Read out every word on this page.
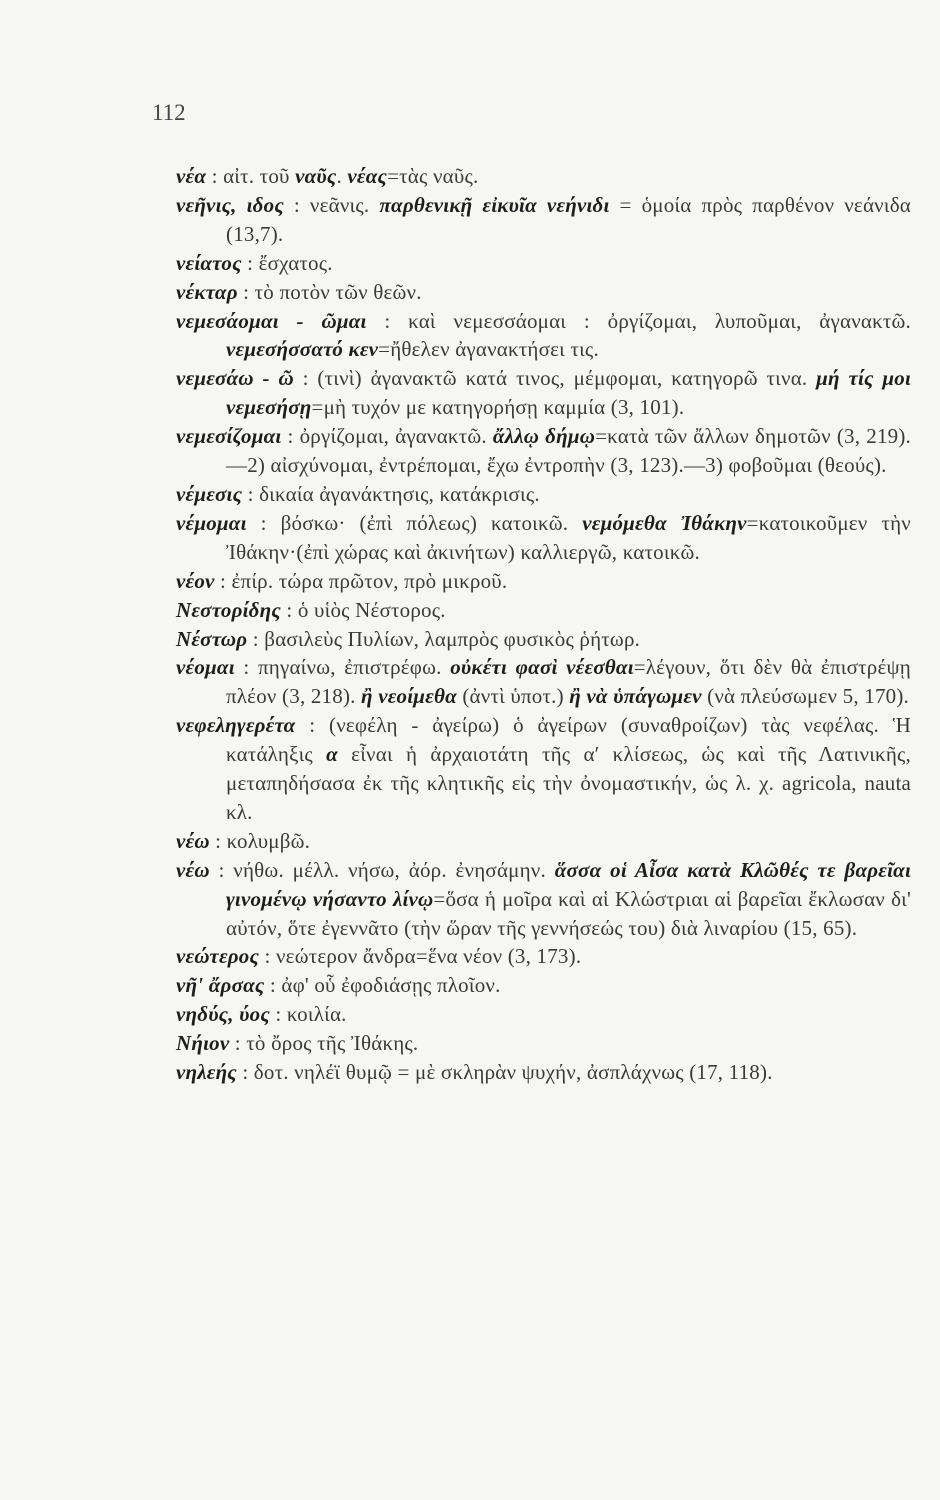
112

νέα : αἰτ. τοῦ ναῦς. νέας=τὰς ναῦς.

νεῆνις, ιδος : νεᾶνις. παρθενικῇ εἰκυῖα νεήνιδι = ὁμοία πρὸς παρθένον νεάνιδα (13,7).

νείατος : ἔσχατος.

νέκταρ : τὸ ποτὸν τῶν θεῶν.

νεμεσάομαι - ῶμαι : καὶ νεμεσσάομαι : ὀργίζομαι, λυποῦμαι, ἀγανακτῶ. νεμεσήσσατό κεν=ἤθελεν ἀγανακτήσει τις.

νεμεσάω - ῶ : (τινὶ) ἀγανακτῶ κατά τινος, μέμφομαι, κατηγορῶ τινα. μή τίς μοι νεμεσήσῃ=μὴ τυχόν με κατηγορήσῃ καμμία (3, 101).

νεμεσίζομαι : ὀργίζομαι, ἀγανακτῶ. ἄλλῳ δήμῳ=κατὰ τῶν ἄλλων δημοτῶν (3, 219).—2) αἰσχύνομαι, ἐντρέπομαι, ἔχω ἐντροπὴν (3, 123).—3) φοβοῦμαι (θεούς).

νέμεσις : δικαία ἀγανάκτησις, κατάκρισις.

νέμομαι : βόσκω· (ἐπὶ πόλεως) κατοικῶ. νεμόμεθα Ἰθάκην=κατοικοῦμεν τὴν Ἰθάκην·(ἐπὶ χώρας καὶ ἀκινήτων) καλλιεργῶ, κατοικῶ.

νέον : ἐπίρ. τώρα πρῶτον, πρὸ μικροῦ.

Νεστορίδης : ὁ υἱὸς Νέστορος.

Νέστωρ : βασιλεὺς Πυλίων, λαμπρὸς φυσικὸς ῥήτωρ.

νέομαι : πηγαίνω, ἐπιστρέφω. οὐκέτι φασὶ νέεσθαι=λέγουν, ὅτι δὲν θὰ ἐπιστρέψῃ πλέον (3, 218). ἢ νεοίμεθα (ἀντὶ ὑποτ.) ἢ νὰ ὑπάγωμεν (νὰ πλεύσωμεν 5, 170).

νεφεληγερέτα : (νεφέλη - ἀγείρω) ὁ ἀγείρων (συναθροίζων) τὰς νεφέλας. Ἡ κατάληξις α εἶναι ἡ ἀρχαιοτάτη τῆς αʹ κλίσεως, ὡς καὶ τῆς Λατινικῆς, μεταπηδήσασα ἐκ τῆς κλητικῆς εἰς τὴν ὀνομαστικήν, ὡς λ. χ. agricola, nauta κλ.

νέω : κολυμβῶ.

νέω : νήθω. μέλλ. νήσω, ἀόρ. ἐνησάμην. ἅσσα οἱ Αἶσα κατὰ Κλῶθές τε βαρεῖαι γινομένῳ νήσαντο λίνῳ=ὅσα ἡ μοῖρα καὶ αἱ Κλώστριαι αἱ βαρεῖαι ἔκλωσαν δι' αὐτόν, ὅτε ἐγεννᾶτο (τὴν ὥραν τῆς γεννήσεώς του) διὰ λιναρίου (15, 65).

νεώτερος : νεώτερον ἄνδρα=ἕνα νέον (3, 173).

νῆ' ἄρσας : ἀφ' οὗ ἐφοδιάσῃς πλοῖον.

νηδύς, ύος : κοιλία.

Νήιον : τὸ ὄρος τῆς Ἰθάκης.

νηλεής : δοτ. νηλέϊ θυμῷ = μὲ σκληρὰν ψυχήν, ἀσπλάχνως (17, 118).
